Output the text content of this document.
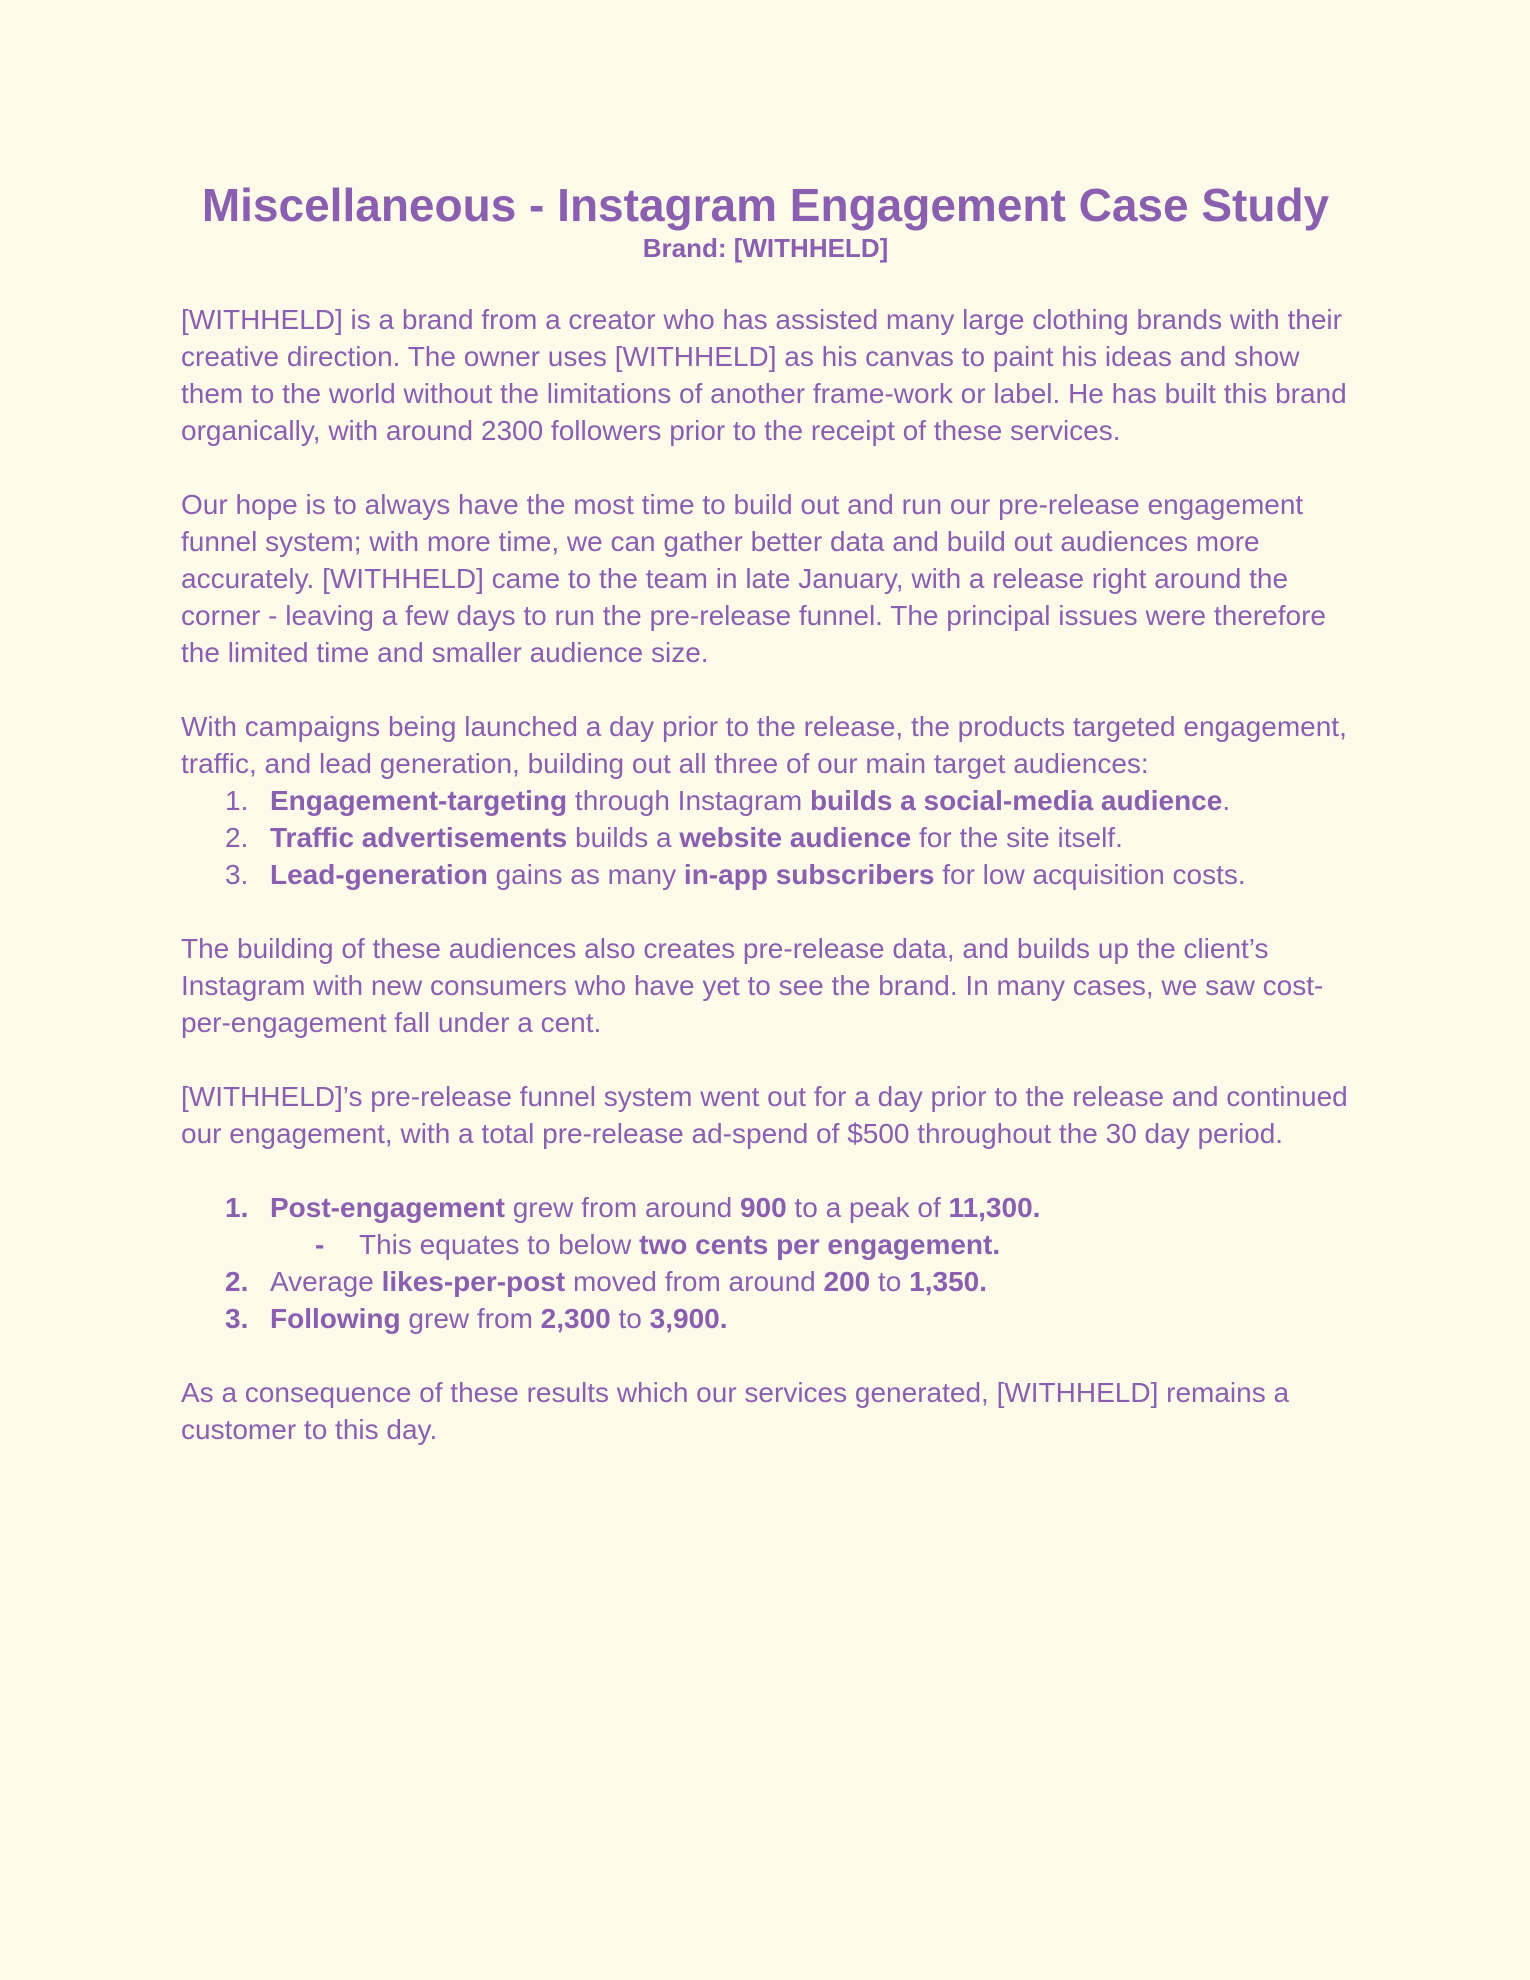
Miscellaneous - Instagram Engagement Case Study
Brand: [WITHHELD]

[WITHHELD] is a brand from a creator who has assisted many large clothing brands with their creative direction. The owner uses [WITHHELD] as his canvas to paint his ideas and show them to the world without the limitations of another frame-work or label. He has built this brand organically, with around 2300 followers prior to the receipt of these services.

Our hope is to always have the most time to build out and run our pre-release engagement funnel system; with more time, we can gather better data and build out audiences more accurately. [WITHHELD] came to the team in late January, with a release right around the corner - leaving a few days to run the pre-release funnel. The principal issues were therefore the limited time and smaller audience size.

With campaigns being launched a day prior to the release, the products targeted engagement, traffic, and lead generation, building out all three of our main target audiences:

1. Engagement-targeting through Instagram builds a social-media audience.
2. Traffic advertisements builds a website audience for the site itself.
3. Lead-generation gains as many in-app subscribers for low acquisition costs.

The building of these audiences also creates pre-release data, and builds up the client’s Instagram with new consumers who have yet to see the brand. In many cases, we saw cost-per-engagement fall under a cent.

[WITHHELD]’s pre-release funnel system went out for a day prior to the release and continued our engagement, with a total pre-release ad-spend of $500 throughout the 30 day period.

1. Post-engagement grew from around 900 to a peak of 11,300.
- This equates to below two cents per engagement.
2. Average likes-per-post moved from around 200 to 1,350.
3. Following grew from 2,300 to 3,900.

As a consequence of these results which our services generated, [WITHHELD] remains a customer to this day.
